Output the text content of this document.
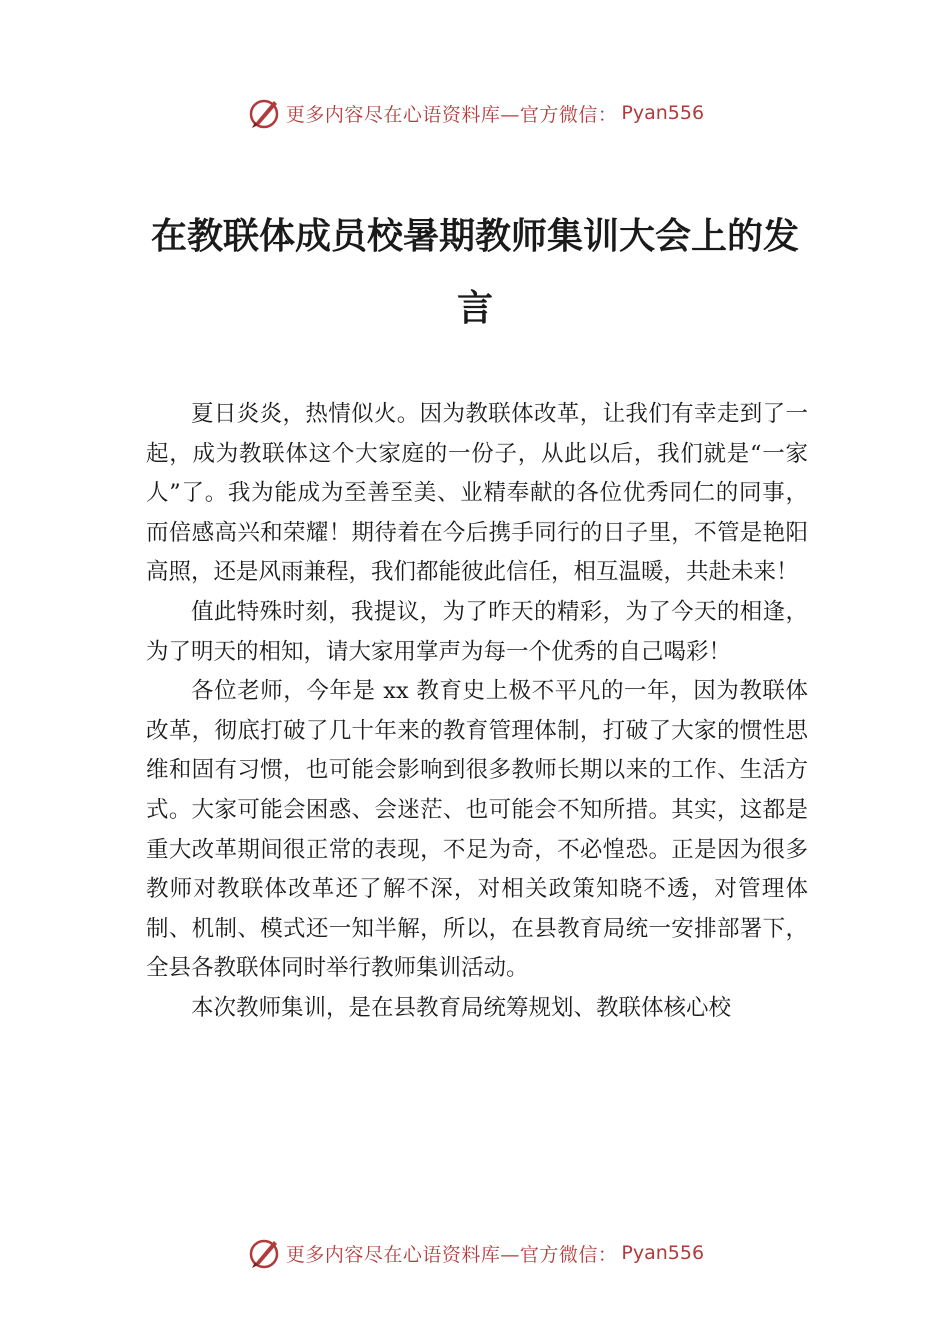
更多内容尽在心语资料库—官方微信： Pyan556
在教联体成员校暑期教师集训大会上的发言

夏日炎炎，热情似火。因为教联体改革，让我们有幸走到了一起，成为教联体这个大家庭的一份子，从此以后，我们就是“一家人”了。我为能成为至善至美、业精奉献的各位优秀同仁的同事，而倍感高兴和荣耀！期待着在今后携手同行的日子里，不管是艳阳高照，还是风雨兼程，我们都能彼此信任，相互温暖，共赴未来！

值此特殊时刻，我提议，为了昨天的精彩，为了今天的相逢，为了明天的相知，请大家用掌声为每一个优秀的自己喝彩！

各位老师，今年是 xx 教育史上极不平凡的一年，因为教联体改革，彻底打破了几十年来的教育管理体制，打破了大家的惯性思维和固有习惯，也可能会影响到很多教师长期以来的工作、生活方式。大家可能会困惑、会迷茫、也可能会不知所措。其实，这都是重大改革期间很正常的表现，不足为奇，不必惶恐。正是因为很多教师对教联体改革还了解不深，对相关政策知晓不透，对管理体制、机制、模式还一知半解，所以，在县教育局统一安排部署下，全县各教联体同时举行教师集训活动。

本次教师集训，是在县教育局统筹规划、教联体核心校

更多内容尽在心语资料库—官方微信： Pyan556
